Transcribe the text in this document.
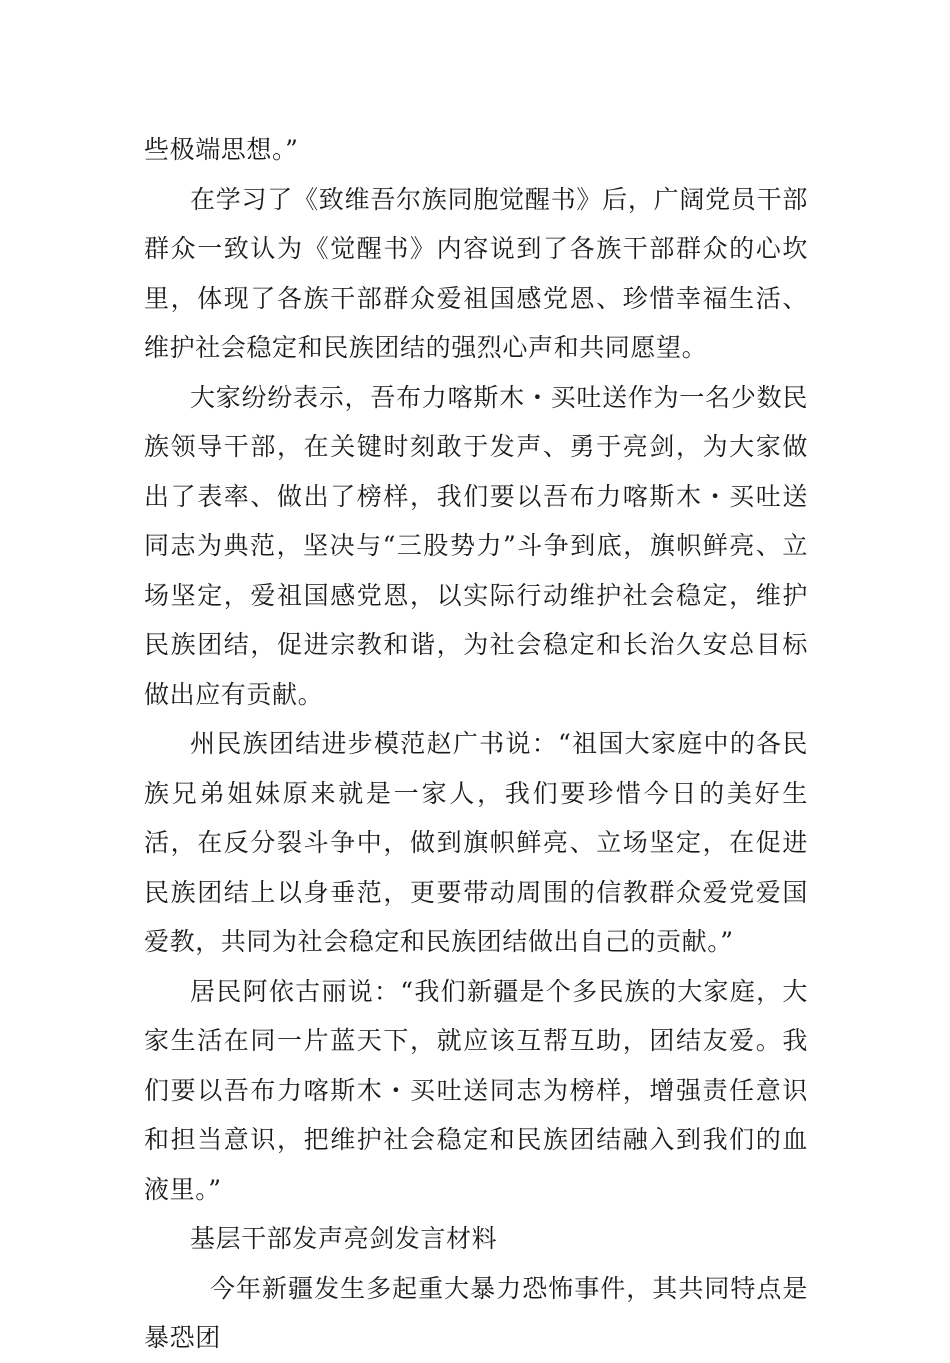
些极端思想。”

在学习了《致维吾尔族同胞觉醒书》后，广阔党员干部群众一致认为《觉醒书》内容说到了各族干部群众的心坎里，体现了各族干部群众爱祖国感党恩、珍惜幸福生活、维护社会稳定和民族团结的强烈心声和共同愿望。

大家纷纷表示，吾布力喀斯木・买吐送作为一名少数民族领导干部，在关键时刻敢于发声、勇于亮剑，为大家做出了表率、做出了榜样，我们要以吾布力喀斯木・买吐送同志为典范，坚决与“三股势力”斗争到底，旗帜鲜亮、立场坚定，爱祖国感党恩，以实际行动维护社会稳定，维护民族团结，促进宗教和谐，为社会稳定和长治久安总目标做出应有贡献。

州民族团结进步模范赵广书说：“祖国大家庭中的各民族兄弟姐妹原来就是一家人，我们要珍惜今日的美好生活，在反分裂斗争中，做到旗帜鲜亮、立场坚定，在促进民族团结上以身垂范，更要带动周围的信教群众爱党爱国爱教，共同为社会稳定和民族团结做出自己的贡献。”

居民阿依古丽说：“我们新疆是个多民族的大家庭，大家生活在同一片蓝天下，就应该互帮互助，团结友爱。我们要以吾布力喀斯木・买吐送同志为榜样，增强责任意识和担当意识，把维护社会稳定和民族团结融入到我们的血液里。”

基层干部发声亮剑发言材料

今年新疆发生多起重大暴力恐怖事件，其共同特点是暴恐团
